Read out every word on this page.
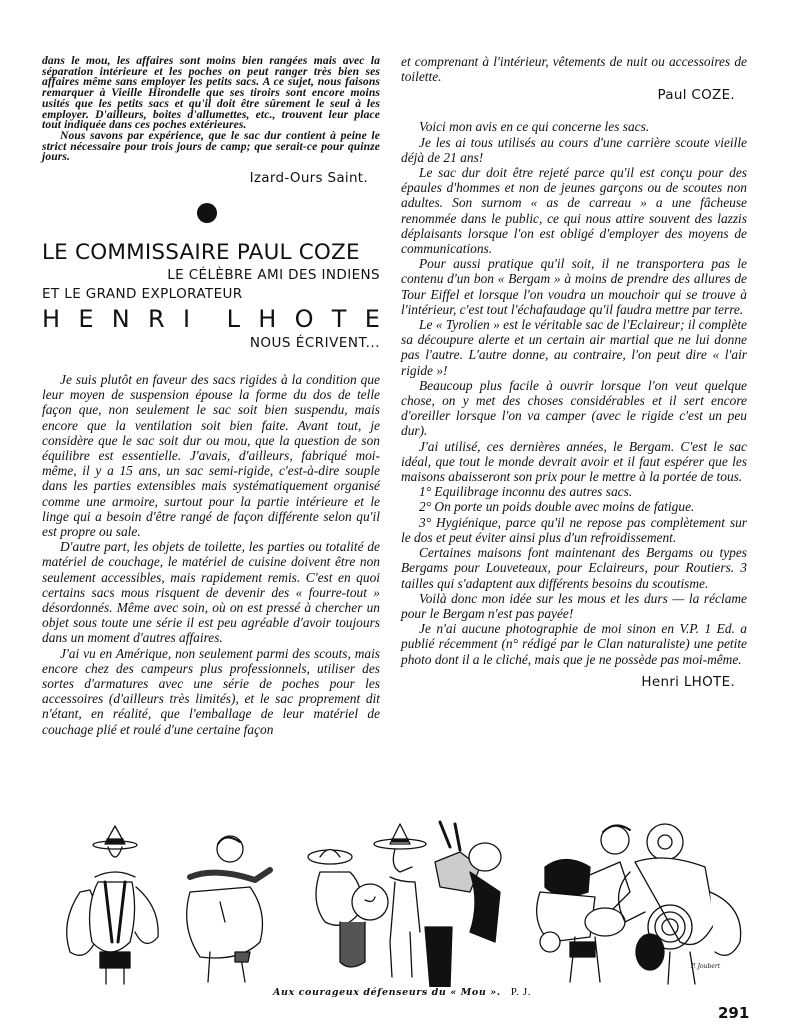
dans le mou, les affaires sont moins bien rangées mais avec la séparation intérieure et les poches on peut ranger très bien ses affaires même sans employer les petits sacs. A ce sujet, nous faisons remarquer à Vieille Hirondelle que ses tiroirs sont encore moins usités que les petits sacs et qu'il doit être sûrement le seul à les employer. D'ailleurs, boites d'allumettes, etc., trouvent leur place tout indiquée dans ces poches extérieures.

Nous savons par expérience, que le sac dur contient à peine le strict nécessaire pour trois jours de camp; que serait-ce pour quinze jours.

Izard-Ours Saint.
LE COMMISSAIRE PAUL COZE
LE CÉLÈBRE AMI DES INDIENS
ET LE GRAND EXPLORATEUR
H E N R I L H O T E
NOUS ÉCRIVENT...

Je suis plutôt en faveur des sacs rigides à la condition que leur moyen de suspension épouse la forme du dos de telle façon que, non seulement le sac soit bien suspendu, mais encore que la ventilation soit bien faite. Avant tout, je considère que le sac soit dur ou mou, que la question de son équilibre est essentielle. J'avais, d'ailleurs, fabriqué moi-même, il y a 15 ans, un sac semi-rigide, c'est-à-dire souple dans les parties extensibles mais systématiquement organisé comme une armoire, surtout pour la partie intérieure et le linge qui a besoin d'être rangé de façon différente selon qu'il est propre ou sale.

D'autre part, les objets de toilette, les parties ou totalité de matériel de couchage, le matériel de cuisine doivent être non seulement accessibles, mais rapidement remis. C'est en quoi certains sacs mous risquent de devenir des « fourre-tout » désordonnés. Même avec soin, où on est pressé à chercher un objet sous toute une série il est peu agréable d'avoir toujours dans un moment d'autres affaires.

J'ai vu en Amérique, non seulement parmi des scouts, mais encore chez des campeurs plus professionnels, utiliser des sortes d'armatures avec une série de poches pour les accessoires (d'ailleurs très limités), et le sac proprement dit n'étant, en réalité, que l'emballage de leur matériel de couchage plié et roulé d'une certaine façon

et comprenant à l'intérieur, vêtements de nuit ou accessoires de toilette.

Paul COZE.

Voici mon avis en ce qui concerne les sacs.

Je les ai tous utilisés au cours d'une carrière scoute vieille déjà de 21 ans!

Le sac dur doit être rejeté parce qu'il est conçu pour des épaules d'hommes et non de jeunes garçons ou de scoutes non adultes. Son surnom « as de carreau » a une fâcheuse renommée dans le public, ce qui nous attire souvent des lazzis déplaisants lorsque l'on est obligé d'employer des moyens de communications.

Pour aussi pratique qu'il soit, il ne transportera pas le contenu d'un bon « Bergam » à moins de prendre des allures de Tour Eiffel et lorsque l'on voudra un mouchoir qui se trouve à l'intérieur, c'est tout l'échafaudage qu'il faudra mettre par terre.

Le « Tyrolien » est le véritable sac de l'Eclaireur; il complète sa découpure alerte et un certain air martial que ne lui donne pas l'autre. L'autre donne, au contraire, l'on peut dire « l'air rigide »!

Beaucoup plus facile à ouvrir lorsque l'on veut quelque chose, on y met des choses considérables et il sert encore d'oreiller lorsque l'on va camper (avec le rigide c'est un peu dur).

J'ai utilisé, ces dernières années, le Bergam. C'est le sac idéal, que tout le monde devrait avoir et il faut espérer que les maisons abaisseront son prix pour le mettre à la portée de tous.

1° Equilibrage inconnu des autres sacs.

2° On porte un poids double avec moins de fatigue.

3° Hygiénique, parce qu'il ne repose pas complètement sur le dos et peut éviter ainsi plus d'un refroidissement.

Certaines maisons font maintenant des Bergams ou types Bergams pour Louveteaux, pour Eclaireurs, pour Routiers. 3 tailles qui s'adaptent aux différents besoins du scoutisme.

Voilà donc mon idée sur les mous et les durs — la réclame pour le Bergam n'est pas payée!

Je n'ai aucune photographie de moi sinon en V.P. 1 Ed. a publié récemment (n° rédigé par le Clan naturaliste) une petite photo dont il a le cliché, mais que je ne possède pas moi-même.

Henri LHOTE.
P. Joubert
Aux courageux défenseurs du « Mou ». P. J.
291
